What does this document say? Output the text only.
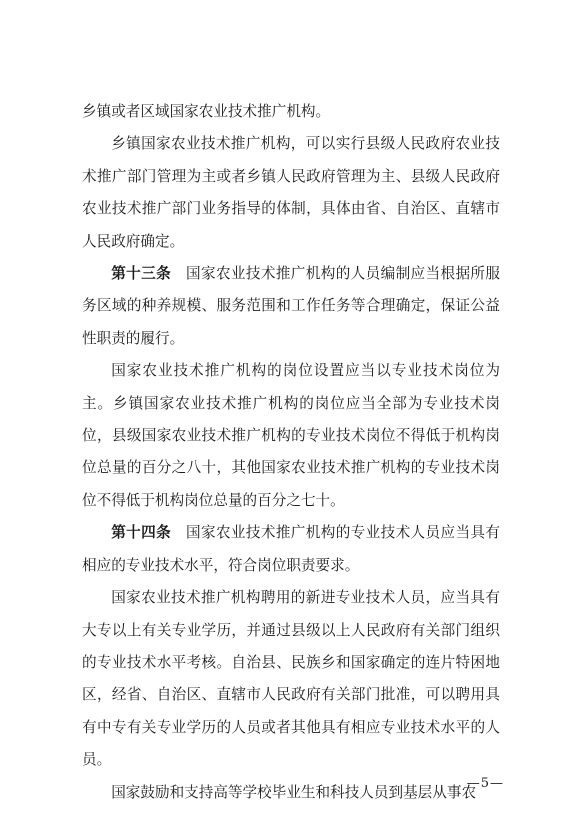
乡镇或者区域国家农业技术推广机构。

乡镇国家农业技术推广机构，可以实行县级人民政府农业技术推广部门管理为主或者乡镇人民政府管理为主、县级人民政府农业技术推广部门业务指导的体制，具体由省、自治区、直辖市人民政府确定。

第十三条  国家农业技术推广机构的人员编制应当根据所服务区域的种养规模、服务范围和工作任务等合理确定，保证公益性职责的履行。

国家农业技术推广机构的岗位设置应当以专业技术岗位为主。乡镇国家农业技术推广机构的岗位应当全部为专业技术岗位，县级国家农业技术推广机构的专业技术岗位不得低于机构岗位总量的百分之八十，其他国家农业技术推广机构的专业技术岗位不得低于机构岗位总量的百分之七十。

第十四条  国家农业技术推广机构的专业技术人员应当具有相应的专业技术水平，符合岗位职责要求。

国家农业技术推广机构聘用的新进专业技术人员，应当具有大专以上有关专业学历，并通过县级以上人民政府有关部门组织的专业技术水平考核。自治县、民族乡和国家确定的连片特困地区，经省、自治区、直辖市人民政府有关部门批准，可以聘用具有中专有关专业学历的人员或者其他具有相应专业技术水平的人员。

国家鼓励和支持高等学校毕业生和科技人员到基层从事农

—5—
